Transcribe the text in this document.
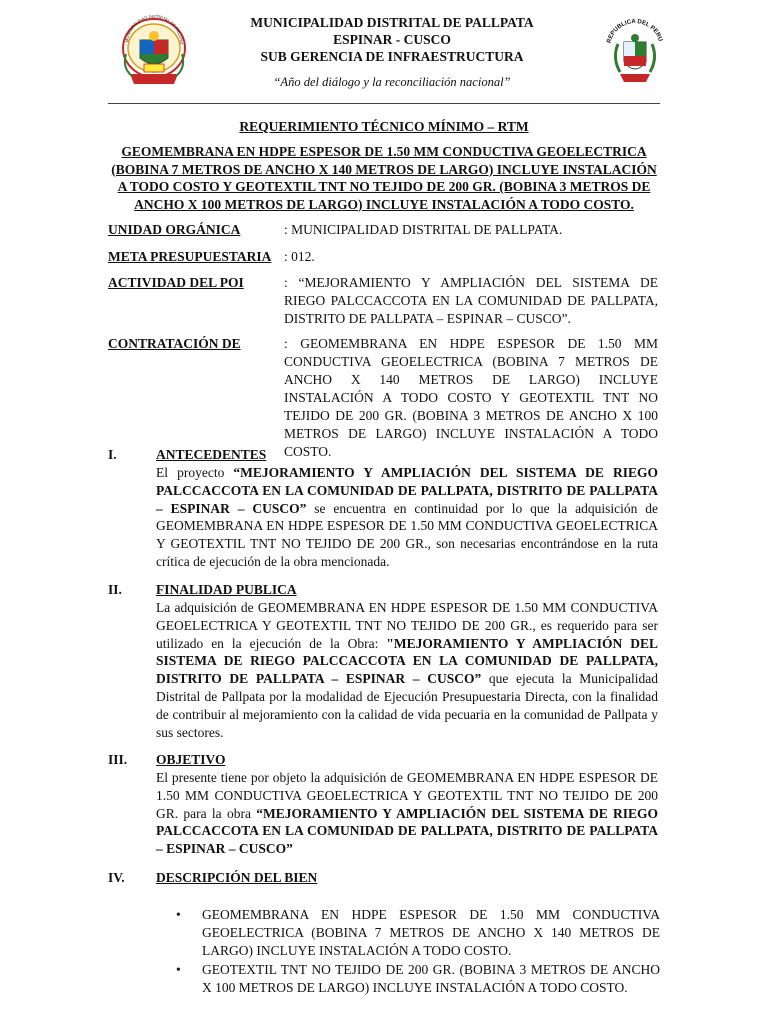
MUNICIPALIDAD DISTRITAL DE PALLPAT
MUNICIPALIDAD DISTRITAL DE PALLPATA
ESPINAR - CUSCO
SUB GERENCIA DE INFRAESTRUCTURA
“Año del diálogo y la reconciliación nacional”
REPUBLICA DEL PERU
REQUERIMIENTO TÉCNICO MÍNIMO – RTM
GEOMEMBRANA EN HDPE ESPESOR DE 1.50 MM CONDUCTIVA GEOELECTRICA (BOBINA 7 METROS DE ANCHO X 140 METROS DE LARGO) INCLUYE INSTALACIÓN A TODO COSTO Y GEOTEXTIL TNT NO TEJIDO DE 200 GR. (BOBINA 3 METROS DE ANCHO X 100 METROS DE LARGO) INCLUYE INSTALACIÓN A TODO COSTO.
UNIDAD ORGÁNICA	: MUNICIPALIDAD DISTRITAL DE PALLPATA.
META PRESUPUESTARIA : 012.
ACTIVIDAD DEL POI	: “MEJORAMIENTO Y AMPLIACIÓN DEL SISTEMA DE RIEGO PALCCACCOTA EN LA COMUNIDAD DE PALLPATA, DISTRITO DE PALLPATA – ESPINAR – CUSCO”.
CONTRATACIÓN DE	: GEOMEMBRANA EN HDPE ESPESOR DE 1.50 MM CONDUCTIVA GEOELECTRICA (BOBINA 7 METROS DE ANCHO X 140 METROS DE LARGO) INCLUYE INSTALACIÓN A TODO COSTO Y GEOTEXTIL TNT NO TEJIDO DE 200 GR. (BOBINA 3 METROS DE ANCHO X 100 METROS DE LARGO) INCLUYE INSTALACIÓN A TODO COSTO.
I.	ANTECEDENTES
El proyecto “MEJORAMIENTO Y AMPLIACIÓN DEL SISTEMA DE RIEGO PALCCACCOTA EN LA COMUNIDAD DE PALLPATA, DISTRITO DE PALLPATA – ESPINAR – CUSCO” se encuentra en continuidad por lo que la adquisición de GEOMEMBRANA EN HDPE ESPESOR DE 1.50 MM CONDUCTIVA GEOELECTRICA Y GEOTEXTIL TNT NO TEJIDO DE 200 GR., son necesarias encontrándose en la ruta crítica de ejecución de la obra mencionada.
II.	FINALIDAD PUBLICA
La adquisición de GEOMEMBRANA EN HDPE ESPESOR DE 1.50 MM CONDUCTIVA GEOELECTRICA Y GEOTEXTIL TNT NO TEJIDO DE 200 GR., es requerido para ser utilizado en la ejecución de la Obra: "MEJORAMIENTO Y AMPLIACIÓN DEL SISTEMA DE RIEGO PALCCACCOTA EN LA COMUNIDAD DE PALLPATA, DISTRITO DE PALLPATA – ESPINAR – CUSCO” que ejecuta la Municipalidad Distrital de Pallpata por la modalidad de Ejecución Presupuestaria Directa, con la finalidad de contribuir al mejoramiento con la calidad de vida pecuaria en la comunidad de Pallpata y sus sectores.
III.	OBJETIVO
El presente tiene por objeto la adquisición de GEOMEMBRANA EN HDPE ESPESOR DE 1.50 MM CONDUCTIVA GEOELECTRICA Y GEOTEXTIL TNT NO TEJIDO DE 200 GR. para la obra “MEJORAMIENTO Y AMPLIACIÓN DEL SISTEMA DE RIEGO PALCCACCOTA EN LA COMUNIDAD DE PALLPATA, DISTRITO DE PALLPATA – ESPINAR – CUSCO”
IV.	DESCRIPCIÓN DEL BIEN
• GEOMEMBRANA EN HDPE ESPESOR DE 1.50 MM CONDUCTIVA GEOELECTRICA (BOBINA 7 METROS DE ANCHO X 140 METROS DE LARGO) INCLUYE INSTALACIÓN A TODO COSTO.
• GEOTEXTIL TNT NO TEJIDO DE 200 GR. (BOBINA 3 METROS DE ANCHO X 100 METROS DE LARGO) INCLUYE INSTALACIÓN A TODO COSTO.
